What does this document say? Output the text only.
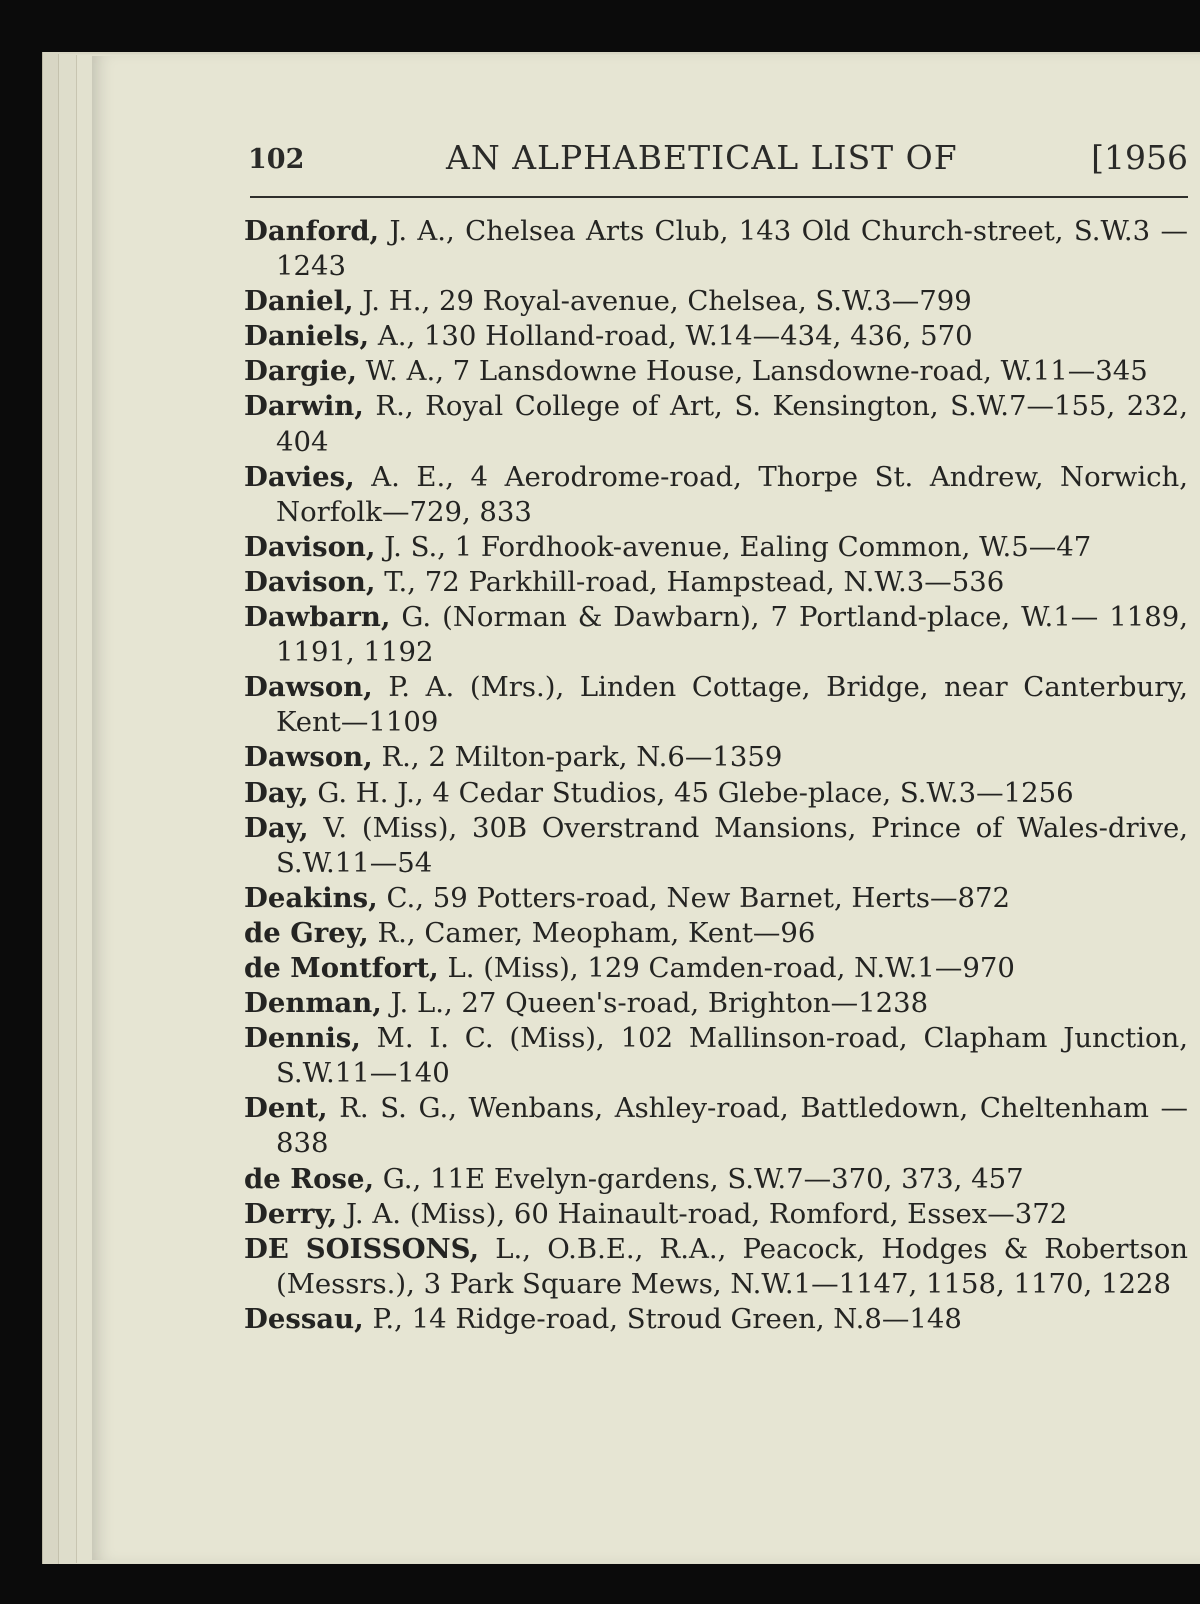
102	AN ALPHABETICAL LIST OF	[1956
Danford, J. A., Chelsea Arts Club, 143 Old Church-street, S.W.3 —1243
Daniel, J. H., 29 Royal-avenue, Chelsea, S.W.3—799
Daniels, A., 130 Holland-road, W.14—434, 436, 570
Dargie, W. A., 7 Lansdowne House, Lansdowne-road, W.11—345
Darwin, R., Royal College of Art, S. Kensington, S.W.7—155, 232, 404
Davies, A. E., 4 Aerodrome-road, Thorpe St. Andrew, Norwich, Norfolk—729, 833
Davison, J. S., 1 Fordhook-avenue, Ealing Common, W.5—47
Davison, T., 72 Parkhill-road, Hampstead, N.W.3—536
Dawbarn, G. (Norman & Dawbarn), 7 Portland-place, W.1— 1189, 1191, 1192
Dawson, P. A. (Mrs.), Linden Cottage, Bridge, near Canterbury, Kent—1109
Dawson, R., 2 Milton-park, N.6—1359
Day, G. H. J., 4 Cedar Studios, 45 Glebe-place, S.W.3—1256
Day, V. (Miss), 30B Overstrand Mansions, Prince of Wales-drive, S.W.11—54
Deakins, C., 59 Potters-road, New Barnet, Herts—872
de Grey, R., Camer, Meopham, Kent—96
de Montfort, L. (Miss), 129 Camden-road, N.W.1—970
Denman, J. L., 27 Queen's-road, Brighton—1238
Dennis, M. I. C. (Miss), 102 Mallinson-road, Clapham Junction, S.W.11—140
Dent, R. S. G., Wenbans, Ashley-road, Battledown, Cheltenham —838
de Rose, G., 11E Evelyn-gardens, S.W.7—370, 373, 457
Derry, J. A. (Miss), 60 Hainault-road, Romford, Essex—372
DE SOISSONS, L., O.B.E., R.A., Peacock, Hodges & Robertson (Messrs.), 3 Park Square Mews, N.W.1—1147, 1158, 1170, 1228
Dessau, P., 14 Ridge-road, Stroud Green, N.8—148
